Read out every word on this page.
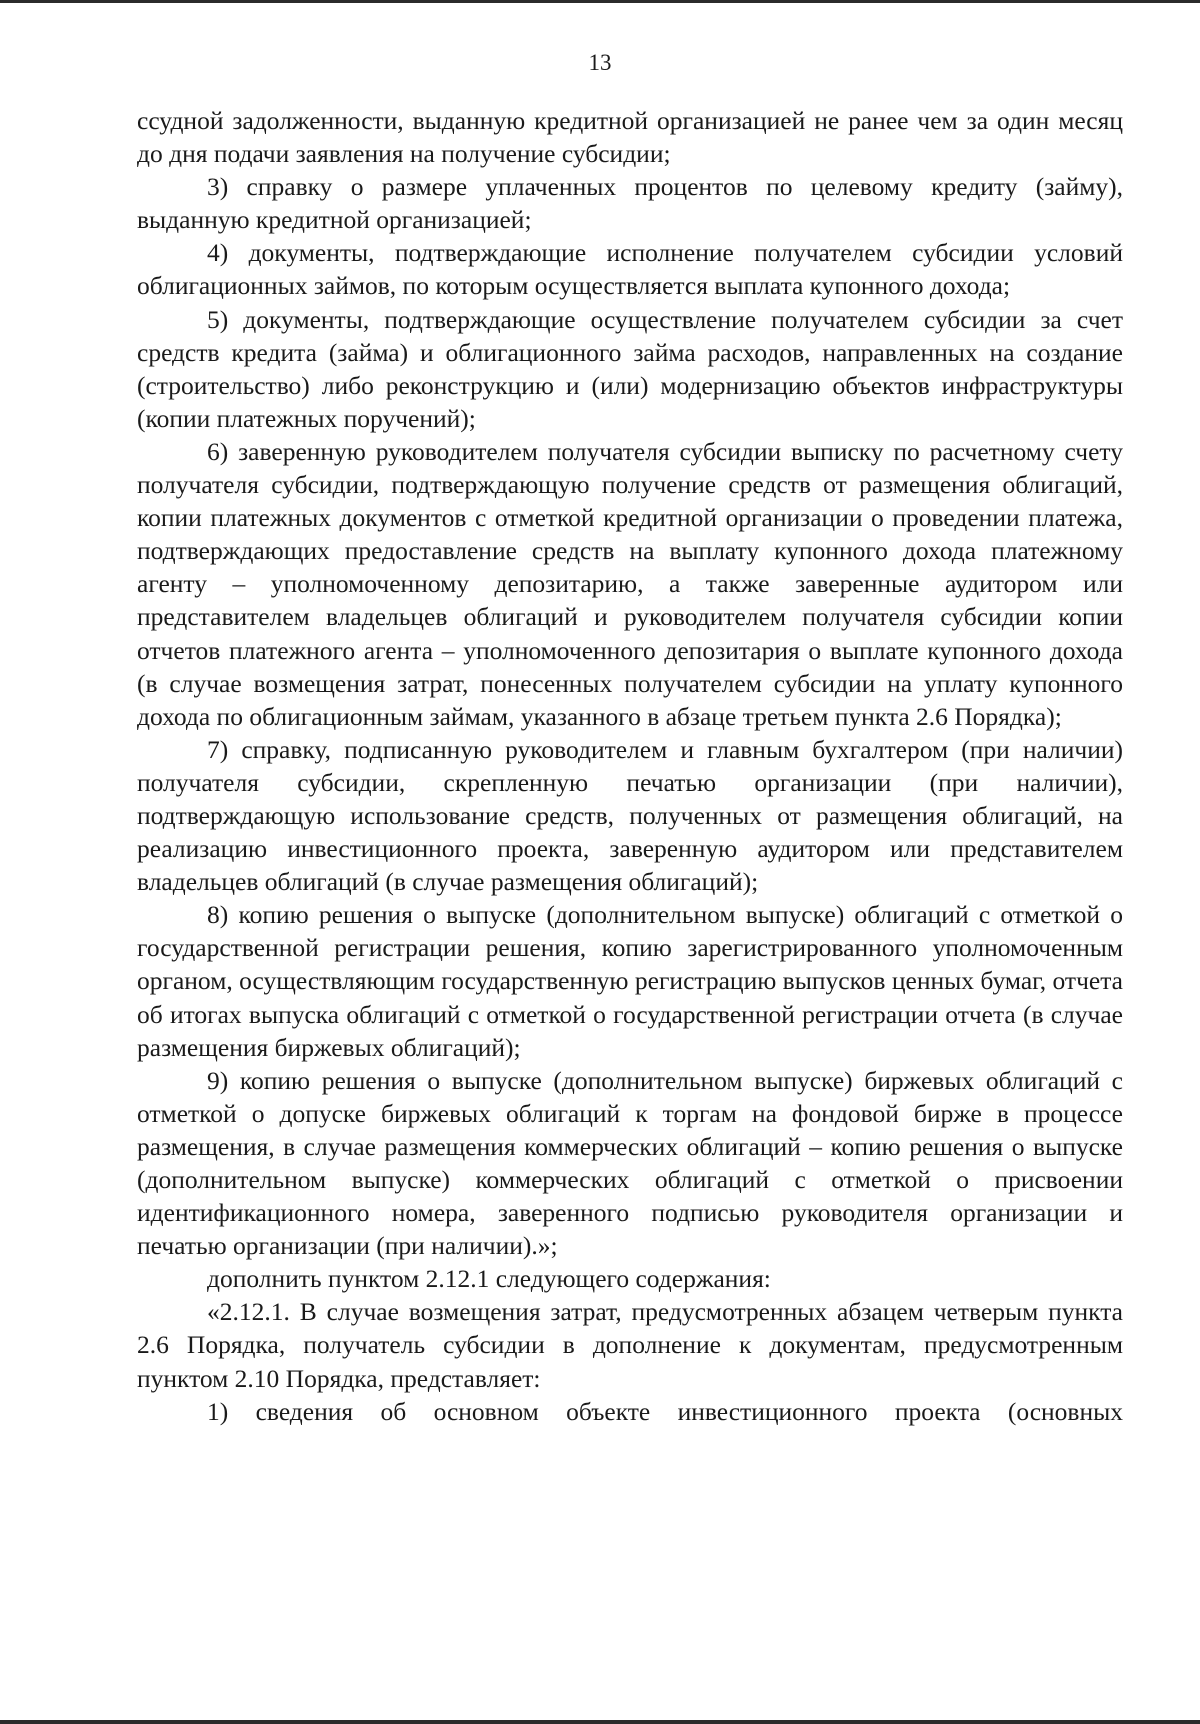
13

ссудной задолженности, выданную кредитной организацией не ранее чем за один месяц до дня подачи заявления на получение субсидии;

3) справку о размере уплаченных процентов по целевому кредиту (займу), выданную кредитной организацией;

4) документы, подтверждающие исполнение получателем субсидии условий облигационных займов, по которым осуществляется выплата купонного дохода;

5) документы, подтверждающие осуществление получателем субсидии за счет средств кредита (займа) и облигационного займа расходов, направленных на создание (строительство) либо реконструкцию и (или) модернизацию объектов инфраструктуры (копии платежных поручений);

6) заверенную руководителем получателя субсидии выписку по расчетному счету получателя субсидии, подтверждающую получение средств от размещения облигаций, копии платежных документов с отметкой кредитной организации о проведении платежа, подтверждающих предоставление средств на выплату купонного дохода платежному агенту – уполномоченному депозитарию, а также заверенные аудитором или представителем владельцев облигаций и руководителем получателя субсидии копии отчетов платежного агента – уполномоченного депозитария о выплате купонного дохода (в случае возмещения затрат, понесенных получателем субсидии на уплату купонного дохода по облигационным займам, указанного в абзаце третьем пункта 2.6 Порядка);

7) справку, подписанную руководителем и главным бухгалтером (при наличии) получателя субсидии, скрепленную печатью организации (при наличии), подтверждающую использование средств, полученных от размещения облигаций, на реализацию инвестиционного проекта, заверенную аудитором или представителем владельцев облигаций (в случае размещения облигаций);

8) копию решения о выпуске (дополнительном выпуске) облигаций с отметкой о государственной регистрации решения, копию зарегистрированного уполномоченным органом, осуществляющим государственную регистрацию выпусков ценных бумаг, отчета об итогах выпуска облигаций с отметкой о государственной регистрации отчета (в случае размещения биржевых облигаций);

9) копию решения о выпуске (дополнительном выпуске) биржевых облигаций с отметкой о допуске биржевых облигаций к торгам на фондовой бирже в процессе размещения, в случае размещения коммерческих облигаций – копию решения о выпуске (дополнительном выпуске) коммерческих облигаций с отметкой о присвоении идентификационного номера, заверенного подписью руководителя организации и печатью организации (при наличии).»;

дополнить пунктом 2.12.1 следующего содержания:

«2.12.1. В случае возмещения затрат, предусмотренных абзацем четверым пункта 2.6 Порядка, получатель субсидии в дополнение к документам, предусмотренным пунктом 2.10 Порядка, представляет:

1) сведения об основном объекте инвестиционного проекта (основных
